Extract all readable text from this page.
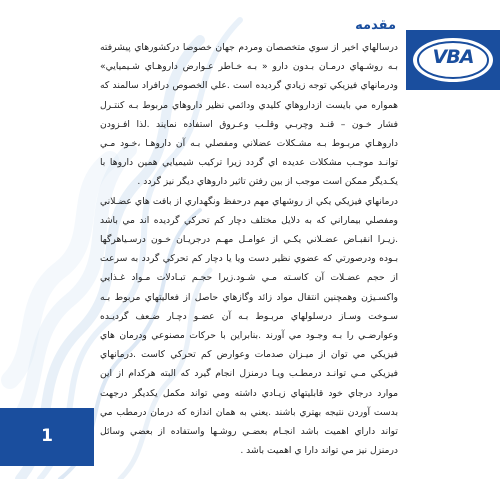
VBA
مقدمه

درسالهاي اخير از سوي متخصصان ومردم جهان خصوصا دركشورهاي پيشرفته بـه روشـهاي درمـان بـدون دارو « بـه خـاطر عـوارض داروهـاي شـيميايي» ودرمانهاي فيزيكي توجه زيادي گرديده است .علي الخصوص درافراد سالمند كه همواره مي بايست ازداروهاي كليدي ودائمي نظير داروهاي مربوط بـه كنتـرل فشار خـون – قنـد وچربـي وقلـب وعـروق استفاده نمايند .لذا افـزودن داروهـاي مربـوط بـه مشـكلات عضلاني ومفصلي بـه آن داروهـا ،خـود مـي توانـد موجـب مشكلات عديده اي گردد زيرا تركيب شيميايي همين داروها با يكـديگر ممكن است موجب از بين رفتن تاثير داروهاي ديگر نيز گردد .

درمانهاي فيزيكي يكي از روشهاي مهم درحفظ ونگهداري از بافت هاي عضـلاني ومفصلي بيماراني كه به دلايل مختلف دچار كم تحركي گرديده اند مي باشد .زيـرا انقبـاض عضـلاني يكـي از عوامـل مهـم درجريـان خـون درسـياهرگها بـوده ودرصورتي كه عضوي نظير دست ويا يا دچار كم تحركي گردد به سرعت از حجم عضـلات آن كاسـته مـي شـود.زيرا حجـم تبـادلات مـواد غـذايي واكسـيژن وهمچنين انتقال مواد زائد وگازهاي حاصل از فعاليتهاي مربوط بـه سـوخت وسـاز درسلولهاي مربـوط بـه آن عضـو دچـار ضـعف گرديـده وعوارضـي را بـه وجـود مي آورند .بنابراين با حركات مصنوعي ودرمان هاي فيزيكي مي توان از ميـزان صدمات وعوارض كم تحركي كاست .درمانهاي فيزيكي مـي توانـد درمطـب ويـا درمنزل انجام گيرد كه البته هركدام از اين موارد درجاي خود قابليتهاي زيـادي داشته ومي تواند مكمل يكديگر درجهت بدست آوردن نتيجه بهتري باشند .يعني به همان اندازه كه درمان درمطب مي تواند داراي اهميت باشد انجـام بعضـي روشـها واستفاده از بعضي وسائل درمنزل نيز مي تواند دارا ي اهميت باشد .

1
